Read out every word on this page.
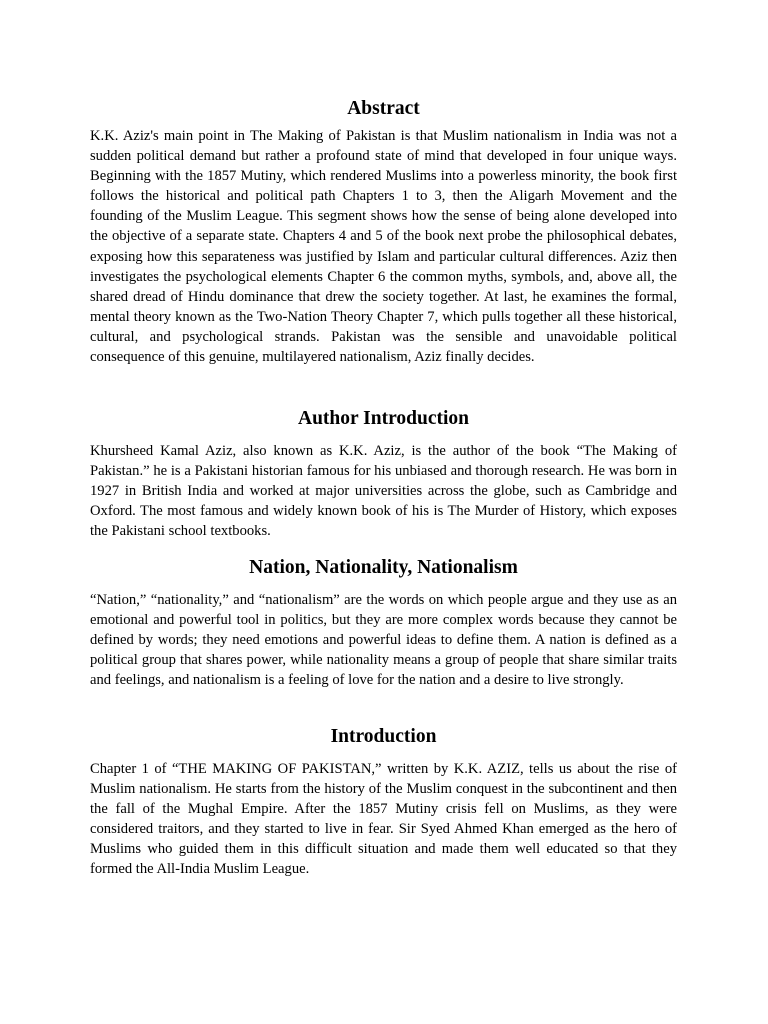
Abstract

K.K. Aziz's main point in The Making of Pakistan is that Muslim nationalism in India was not a sudden political demand but rather a profound state of mind that developed in four unique ways. Beginning with the 1857 Mutiny, which rendered Muslims into a powerless minority, the book first follows the historical and political path Chapters 1 to 3, then the Aligarh Movement and the founding of the Muslim League. This segment shows how the sense of being alone developed into the objective of a separate state. Chapters 4 and 5 of the book next probe the philosophical debates, exposing how this separateness was justified by Islam and particular cultural differences. Aziz then investigates the psychological elements Chapter 6 the common myths, symbols, and, above all, the shared dread of Hindu dominance that drew the society together. At last, he examines the formal, mental theory known as the Two-Nation Theory Chapter 7, which pulls together all these historical, cultural, and psychological strands. Pakistan was the sensible and unavoidable political consequence of this genuine, multilayered nationalism, Aziz finally decides.

Author Introduction

Khursheed Kamal Aziz, also known as K.K. Aziz, is the author of the book “The Making of Pakistan.” he is a Pakistani historian famous for his unbiased and thorough research. He was born in 1927 in British India and worked at major universities across the globe, such as Cambridge and Oxford. The most famous and widely known book of his is The Murder of History, which exposes the Pakistani school textbooks.

Nation, Nationality, Nationalism

“Nation,” “nationality,” and “nationalism” are the words on which people argue and they use as an emotional and powerful tool in politics, but they are more complex words because they cannot be defined by words; they need emotions and powerful ideas to define them. A nation is defined as a political group that shares power, while nationality means a group of people that share similar traits and feelings, and nationalism is a feeling of love for the nation and a desire to live strongly.

Introduction

Chapter 1 of “THE MAKING OF PAKISTAN,” written by K.K. AZIZ, tells us about the rise of Muslim nationalism. He starts from the history of the Muslim conquest in the subcontinent and then the fall of the Mughal Empire. After the 1857 Mutiny crisis fell on Muslims, as they were considered traitors, and they started to live in fear. Sir Syed Ahmed Khan emerged as the hero of Muslims who guided them in this difficult situation and made them well educated so that they formed the All-India Muslim League.
